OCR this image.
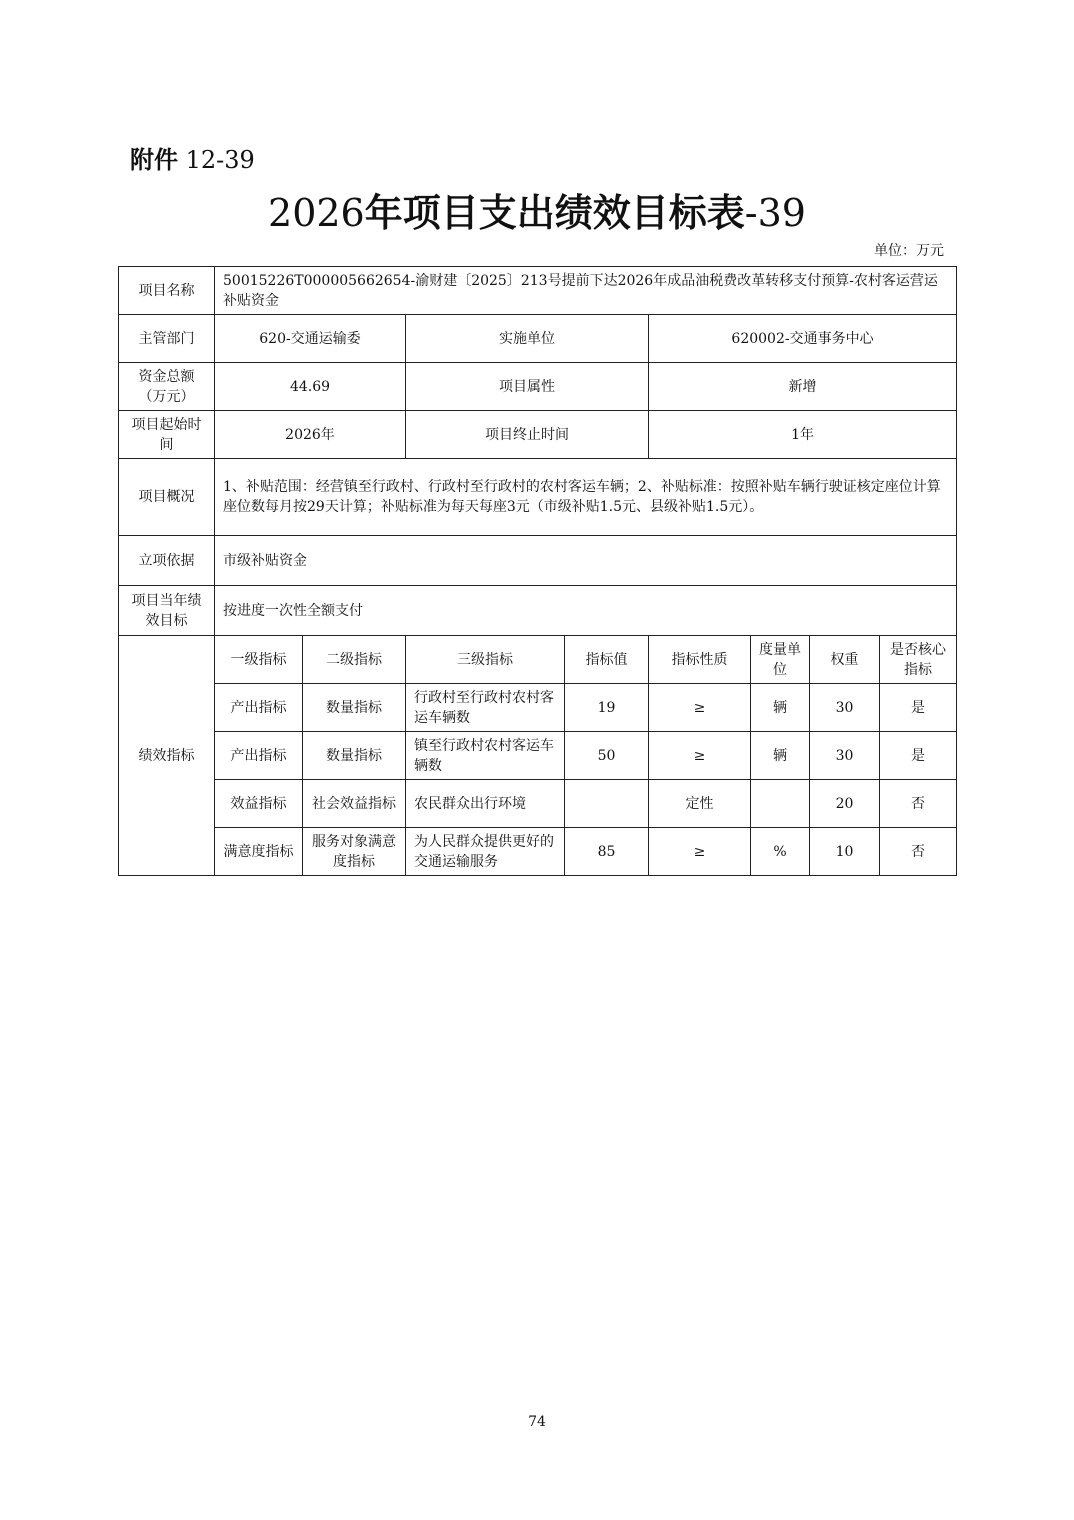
附件 12-39
2026年项目支出绩效目标表-39
单位：万元
项目名称	50015226T000005662654-渝财建〔2025〕213号提前下达2026年成品油税费改革转移支付预算-农村客运营运补贴资金							
主管部门	620-交通运输委		实施单位		620002-交通事务中心			
资金总额（万元）	44.69		项目属性		新增			
项目起始时间	2026年		项目终止时间		1年			
项目概况	1、补贴范围：经营镇至行政村、行政村至行政村的农村客运车辆；2、补贴标准：按照补贴车辆行驶证核定座位计算座位数每月按29天计算；补贴标准为每天每座3元（市级补贴1.5元、县级补贴1.5元）。							
立项依据	市级补贴资金							
项目当年绩效目标	按进度一次性全额支付							
绩效指标	一级指标	二级指标	三级指标	指标值	指标性质	度量单位	权重	是否核心指标
	产出指标	数量指标	行政村至行政村农村客运车辆数	19	≥	辆	30	是
	产出指标	数量指标	镇至行政村农村客运车辆数	50	≥	辆	30	是
	效益指标	社会效益指标	农民群众出行环境		定性		20	否
	满意度指标	服务对象满意度指标	为人民群众提供更好的交通运输服务	85	≥	%	10	否
74
